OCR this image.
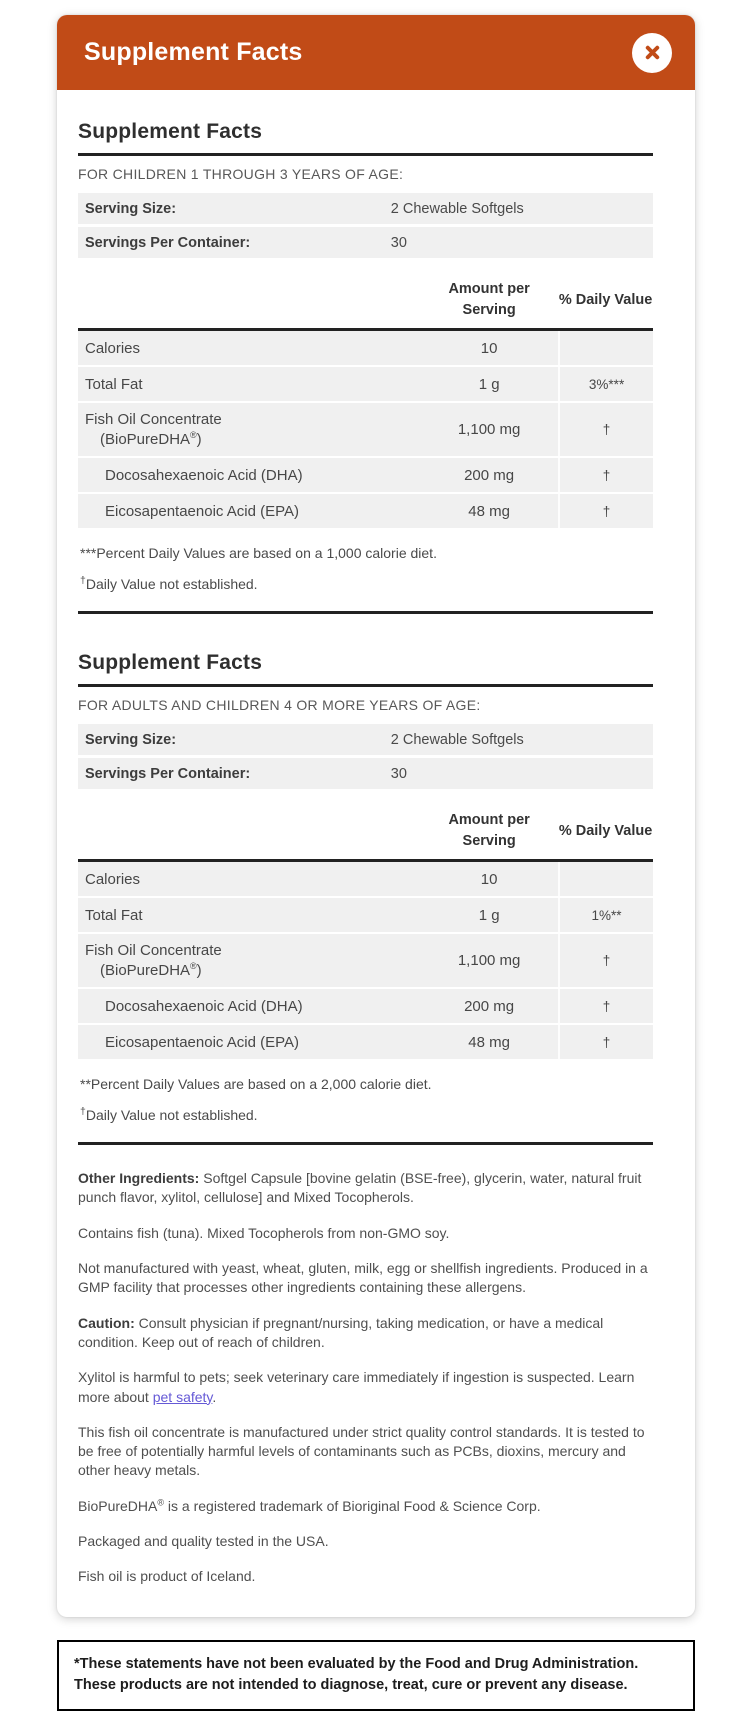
Supplement Facts
Supplement Facts
FOR CHILDREN 1 THROUGH 3 YEARS OF AGE:
Serving Size:	2 Chewable Softgels
Servings Per Container:	30
Amount per
Serving
% Daily Value
Calories	10
Total Fat	1 g	3%***
Fish Oil Concentrate
(BioPureDHA®)
1,100 mg	†
Docosahexaenoic Acid (DHA)	200 mg	†
Eicosapentaenoic Acid (EPA)	48 mg	†
***Percent Daily Values are based on a 1,000 calorie diet.
†Daily Value not established.
Supplement Facts
FOR ADULTS AND CHILDREN 4 OR MORE YEARS OF AGE:
Serving Size:	2 Chewable Softgels
Servings Per Container:	30
Amount per
Serving
% Daily Value
Calories	10
Total Fat	1 g	1%**
Fish Oil Concentrate
(BioPureDHA®)
1,100 mg	†
Docosahexaenoic Acid (DHA)	200 mg	†
Eicosapentaenoic Acid (EPA)	48 mg	†
**Percent Daily Values are based on a 2,000 calorie diet.
†Daily Value not established.

Other Ingredients: Softgel Capsule [bovine gelatin (BSE-free), glycerin, water, natural fruit punch flavor, xylitol, cellulose] and Mixed Tocopherols.

Contains fish (tuna). Mixed Tocopherols from non-GMO soy.

Not manufactured with yeast, wheat, gluten, milk, egg or shellfish ingredients. Produced in a GMP facility that processes other ingredients containing these allergens.

Caution: Consult physician if pregnant/nursing, taking medication, or have a medical condition. Keep out of reach of children.

Xylitol is harmful to pets; seek veterinary care immediately if ingestion is suspected. Learn more about pet safety.

This fish oil concentrate is manufactured under strict quality control standards. It is tested to be free of potentially harmful levels of contaminants such as PCBs, dioxins, mercury and other heavy metals.

BioPureDHA® is a registered trademark of Bioriginal Food & Science Corp.

Packaged and quality tested in the USA.

Fish oil is product of Iceland.

*These statements have not been evaluated by the Food and Drug Administration. These products are not intended to diagnose, treat, cure or prevent any disease.
